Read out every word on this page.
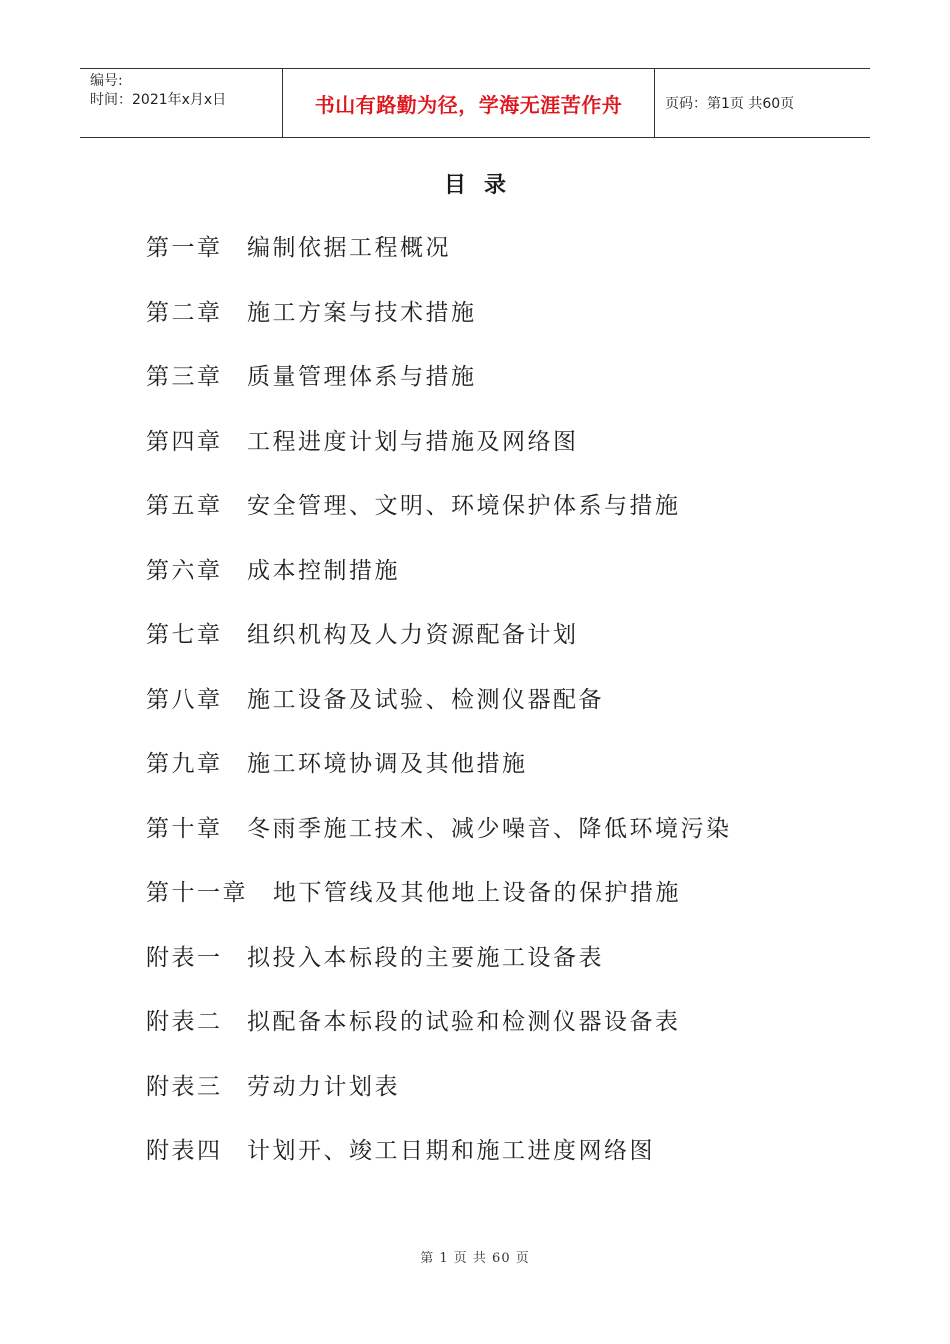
编号:
时间：2021年x月x日	书山有路勤为径，学海无涯苦作舟	页码：第1页 共60页
目录
第一章 编制依据工程概况
第二章 施工方案与技术措施
第三章 质量管理体系与措施
第四章 工程进度计划与措施及网络图
第五章 安全管理、文明、环境保护体系与措施
第六章 成本控制措施
第七章 组织机构及人力资源配备计划
第八章 施工设备及试验、检测仪器配备
第九章 施工环境协调及其他措施
第十章 冬雨季施工技术、减少噪音、降低环境污染
第十一章 地下管线及其他地上设备的保护措施
附表一 拟投入本标段的主要施工设备表
附表二 拟配备本标段的试验和检测仪器设备表
附表三 劳动力计划表
附表四 计划开、竣工日期和施工进度网络图
第 1 页 共 60 页
